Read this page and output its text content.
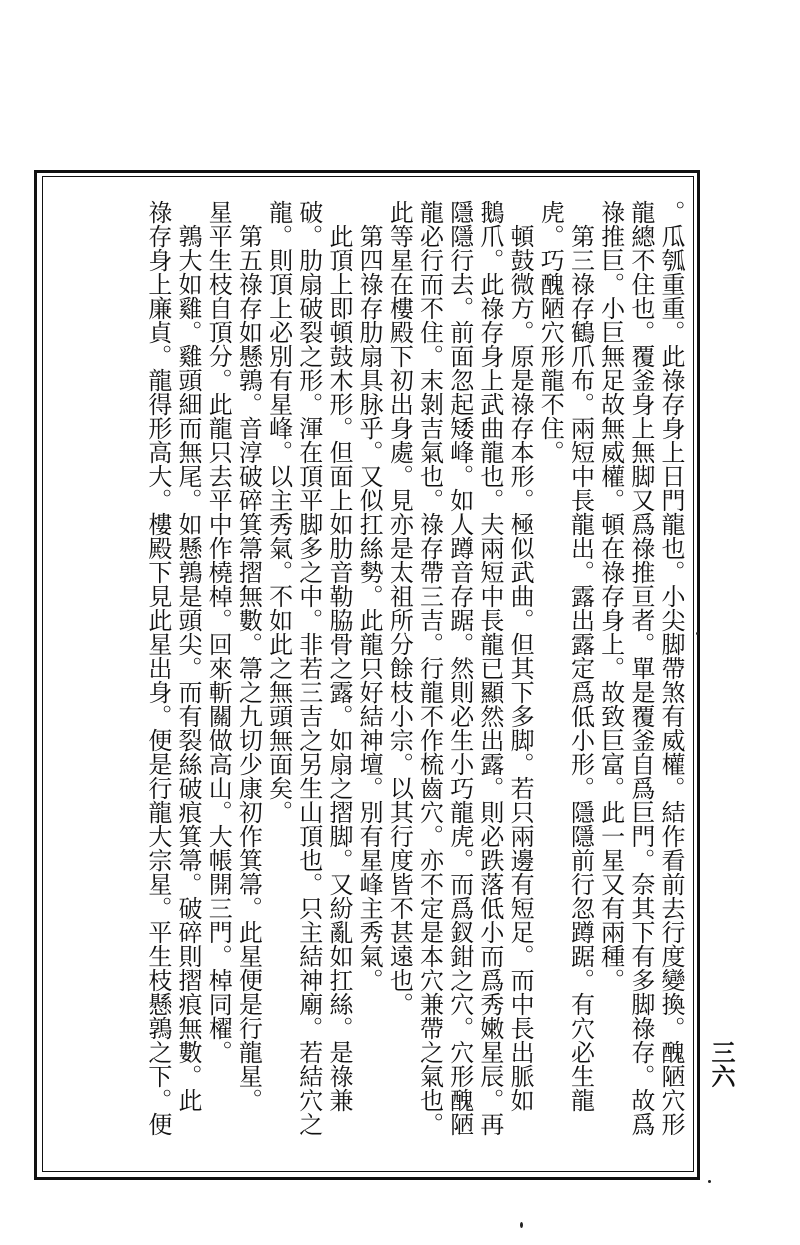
。瓜瓠重重。此祿存身上日門龍也。小尖脚帶煞有威權。結作看前去行度變換。醜陋穴形
龍總不住也。覆釜身上無脚又爲祿推亘者。單是覆釜自爲巨門。奈其下有多脚祿存。故爲
祿推巨。小巨無足故無威權。頓在祿存身上。故致巨富。此一星又有兩種。
第三祿存鶴爪布。兩短中長龍出。露出露定爲低小形。隱隱前行忽蹲踞。有穴必生龍
虎。巧醜陋穴形龍不住。
頓鼓微方。原是祿存本形。極似武曲。但其下多脚。若只兩邊有短足。而中長出脈如
鵝爪。此祿存身上武曲龍也。夫兩短中長龍已顯然出露。則必跌落低小而爲秀嫩星辰。再
隱隱行去。前面忽起矮峰。如人蹲音存踞。然則必生小巧龍虎。而爲釵鉗之穴。穴形醜陋
龍必行而不住。末剝吉氣也。祿存帶三吉。行龍不作梳齒穴。亦不定是本穴兼帶之氣也。
此等星在樓殿下初出身處。見亦是太祖所分餘枝小宗。以其行度皆不甚遠也。
第四祿存肋扇具脉乎。又似扛絲勢。此龍只好結神壇。別有星峰主秀氣。
此頂上即頓鼓木形。但面上如肋音勒脇骨之露。如扇之摺脚。又紛亂如扛絲。是祿兼
破。肋扇破裂之形。渾在頂平脚多之中。非若三吉之另生山頂也。只主結神廟。若結穴之
龍。則頂上必別有星峰。以主秀氣。不如此之無頭無面矣。
第五祿存如懸鶉。音淳破碎箕箒摺無數。箒之九切少康初作箕箒。此星便是行龍星。
星平生枝自頂分。此龍只去平中作橈棹。回來斬關做高山。大帳開三門。棹同櫂。
鶉大如雞。雞頭細而無尾。如懸鶉是頭尖。而有裂絲破痕箕箒。破碎則摺痕無數。此
祿存身上廉貞。龍得形高大。樓殿下見此星出身。便是行龍大宗星。平生枝懸鶉之下。便	三六
